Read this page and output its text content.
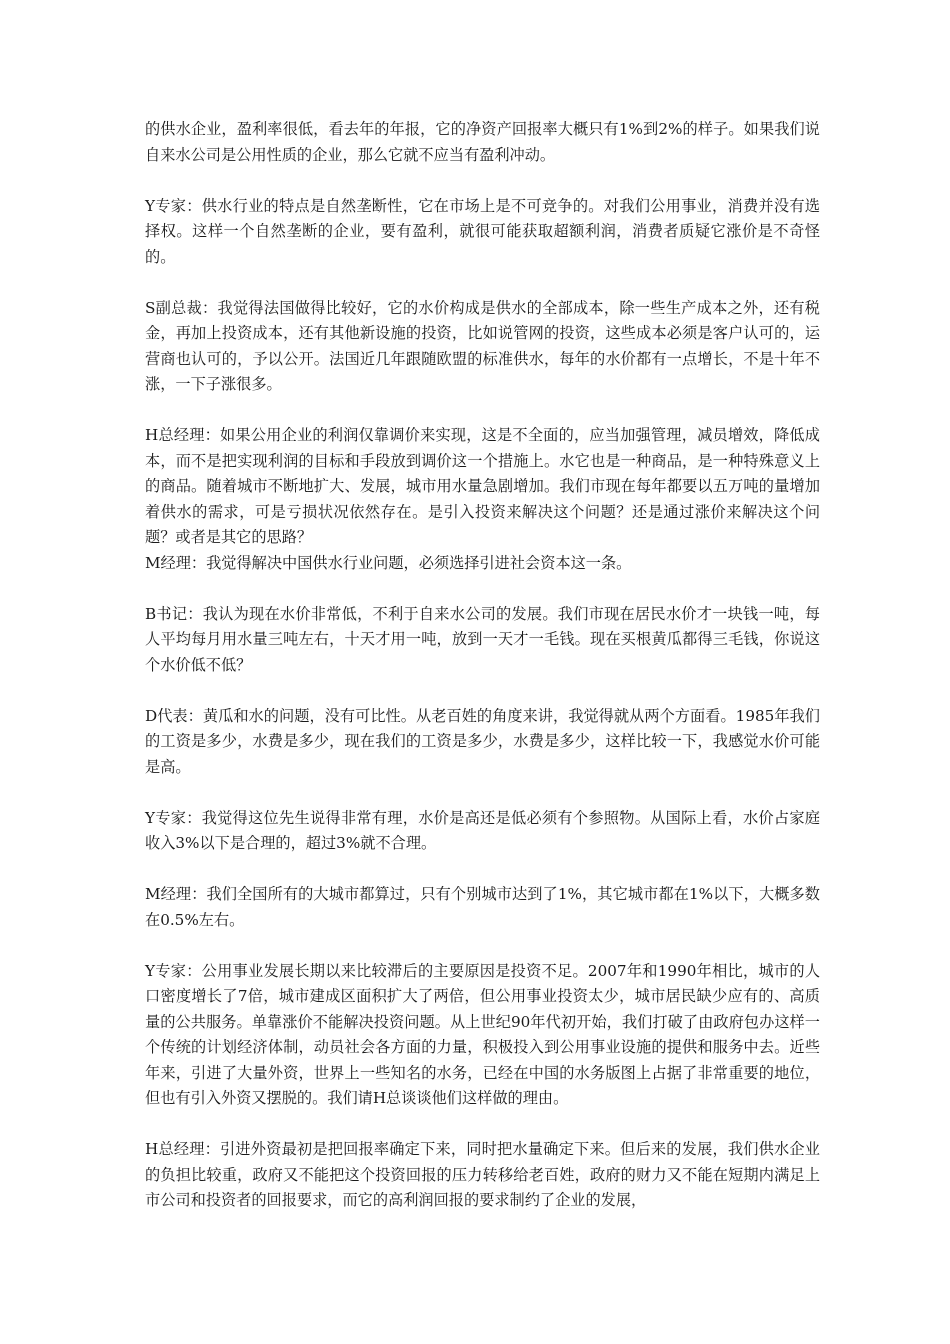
的供水企业，盈利率很低，看去年的年报，它的净资产回报率大概只有1%到2%的样子。如果我们说自来水公司是公用性质的企业，那么它就不应当有盈利冲动。

Y专家：供水行业的特点是自然垄断性，它在市场上是不可竞争的。对我们公用事业，消费并没有选择权。这样一个自然垄断的企业，要有盈利，就很可能获取超额利润，消费者质疑它涨价是不奇怪的。

S副总裁：我觉得法国做得比较好，它的水价构成是供水的全部成本，除一些生产成本之外，还有税金，再加上投资成本，还有其他新设施的投资，比如说管网的投资，这些成本必须是客户认可的，运营商也认可的，予以公开。法国近几年跟随欧盟的标准供水，每年的水价都有一点增长，不是十年不涨，一下子涨很多。

H总经理：如果公用企业的利润仅靠调价来实现，这是不全面的，应当加强管理，减员增效，降低成本，而不是把实现利润的目标和手段放到调价这一个措施上。水它也是一种商品，是一种特殊意义上的商品。随着城市不断地扩大、发展，城市用水量急剧增加。我们市现在每年都要以五万吨的量增加着供水的需求，可是亏损状况依然存在。是引入投资来解决这个问题？还是通过涨价来解决这个问题？或者是其它的思路？

M经理：我觉得解决中国供水行业问题，必须选择引进社会资本这一条。

B书记：我认为现在水价非常低，不利于自来水公司的发展。我们市现在居民水价才一块钱一吨，每人平均每月用水量三吨左右，十天才用一吨，放到一天才一毛钱。现在买根黄瓜都得三毛钱，你说这个水价低不低？

D代表：黄瓜和水的问题，没有可比性。从老百姓的角度来讲，我觉得就从两个方面看。1985年我们的工资是多少，水费是多少，现在我们的工资是多少，水费是多少，这样比较一下，我感觉水价可能是高。

Y专家：我觉得这位先生说得非常有理，水价是高还是低必须有个参照物。从国际上看，水价占家庭收入3%以下是合理的，超过3%就不合理。

M经理：我们全国所有的大城市都算过，只有个别城市达到了1%，其它城市都在1%以下，大概多数在0.5%左右。

Y专家：公用事业发展长期以来比较滞后的主要原因是投资不足。2007年和1990年相比，城市的人口密度增长了7倍，城市建成区面积扩大了两倍，但公用事业投资太少，城市居民缺少应有的、高质量的公共服务。单靠涨价不能解决投资问题。从上世纪90年代初开始，我们打破了由政府包办这样一个传统的计划经济体制，动员社会各方面的力量，积极投入到公用事业设施的提供和服务中去。近些年来，引进了大量外资，世界上一些知名的水务，已经在中国的水务版图上占据了非常重要的地位，但也有引入外资又摆脱的。我们请H总谈谈他们这样做的理由。

H总经理：引进外资最初是把回报率确定下来，同时把水量确定下来。但后来的发展，我们供水企业的负担比较重，政府又不能把这个投资回报的压力转移给老百姓，政府的财力又不能在短期内满足上市公司和投资者的回报要求，而它的高利润回报的要求制约了企业的发展，
